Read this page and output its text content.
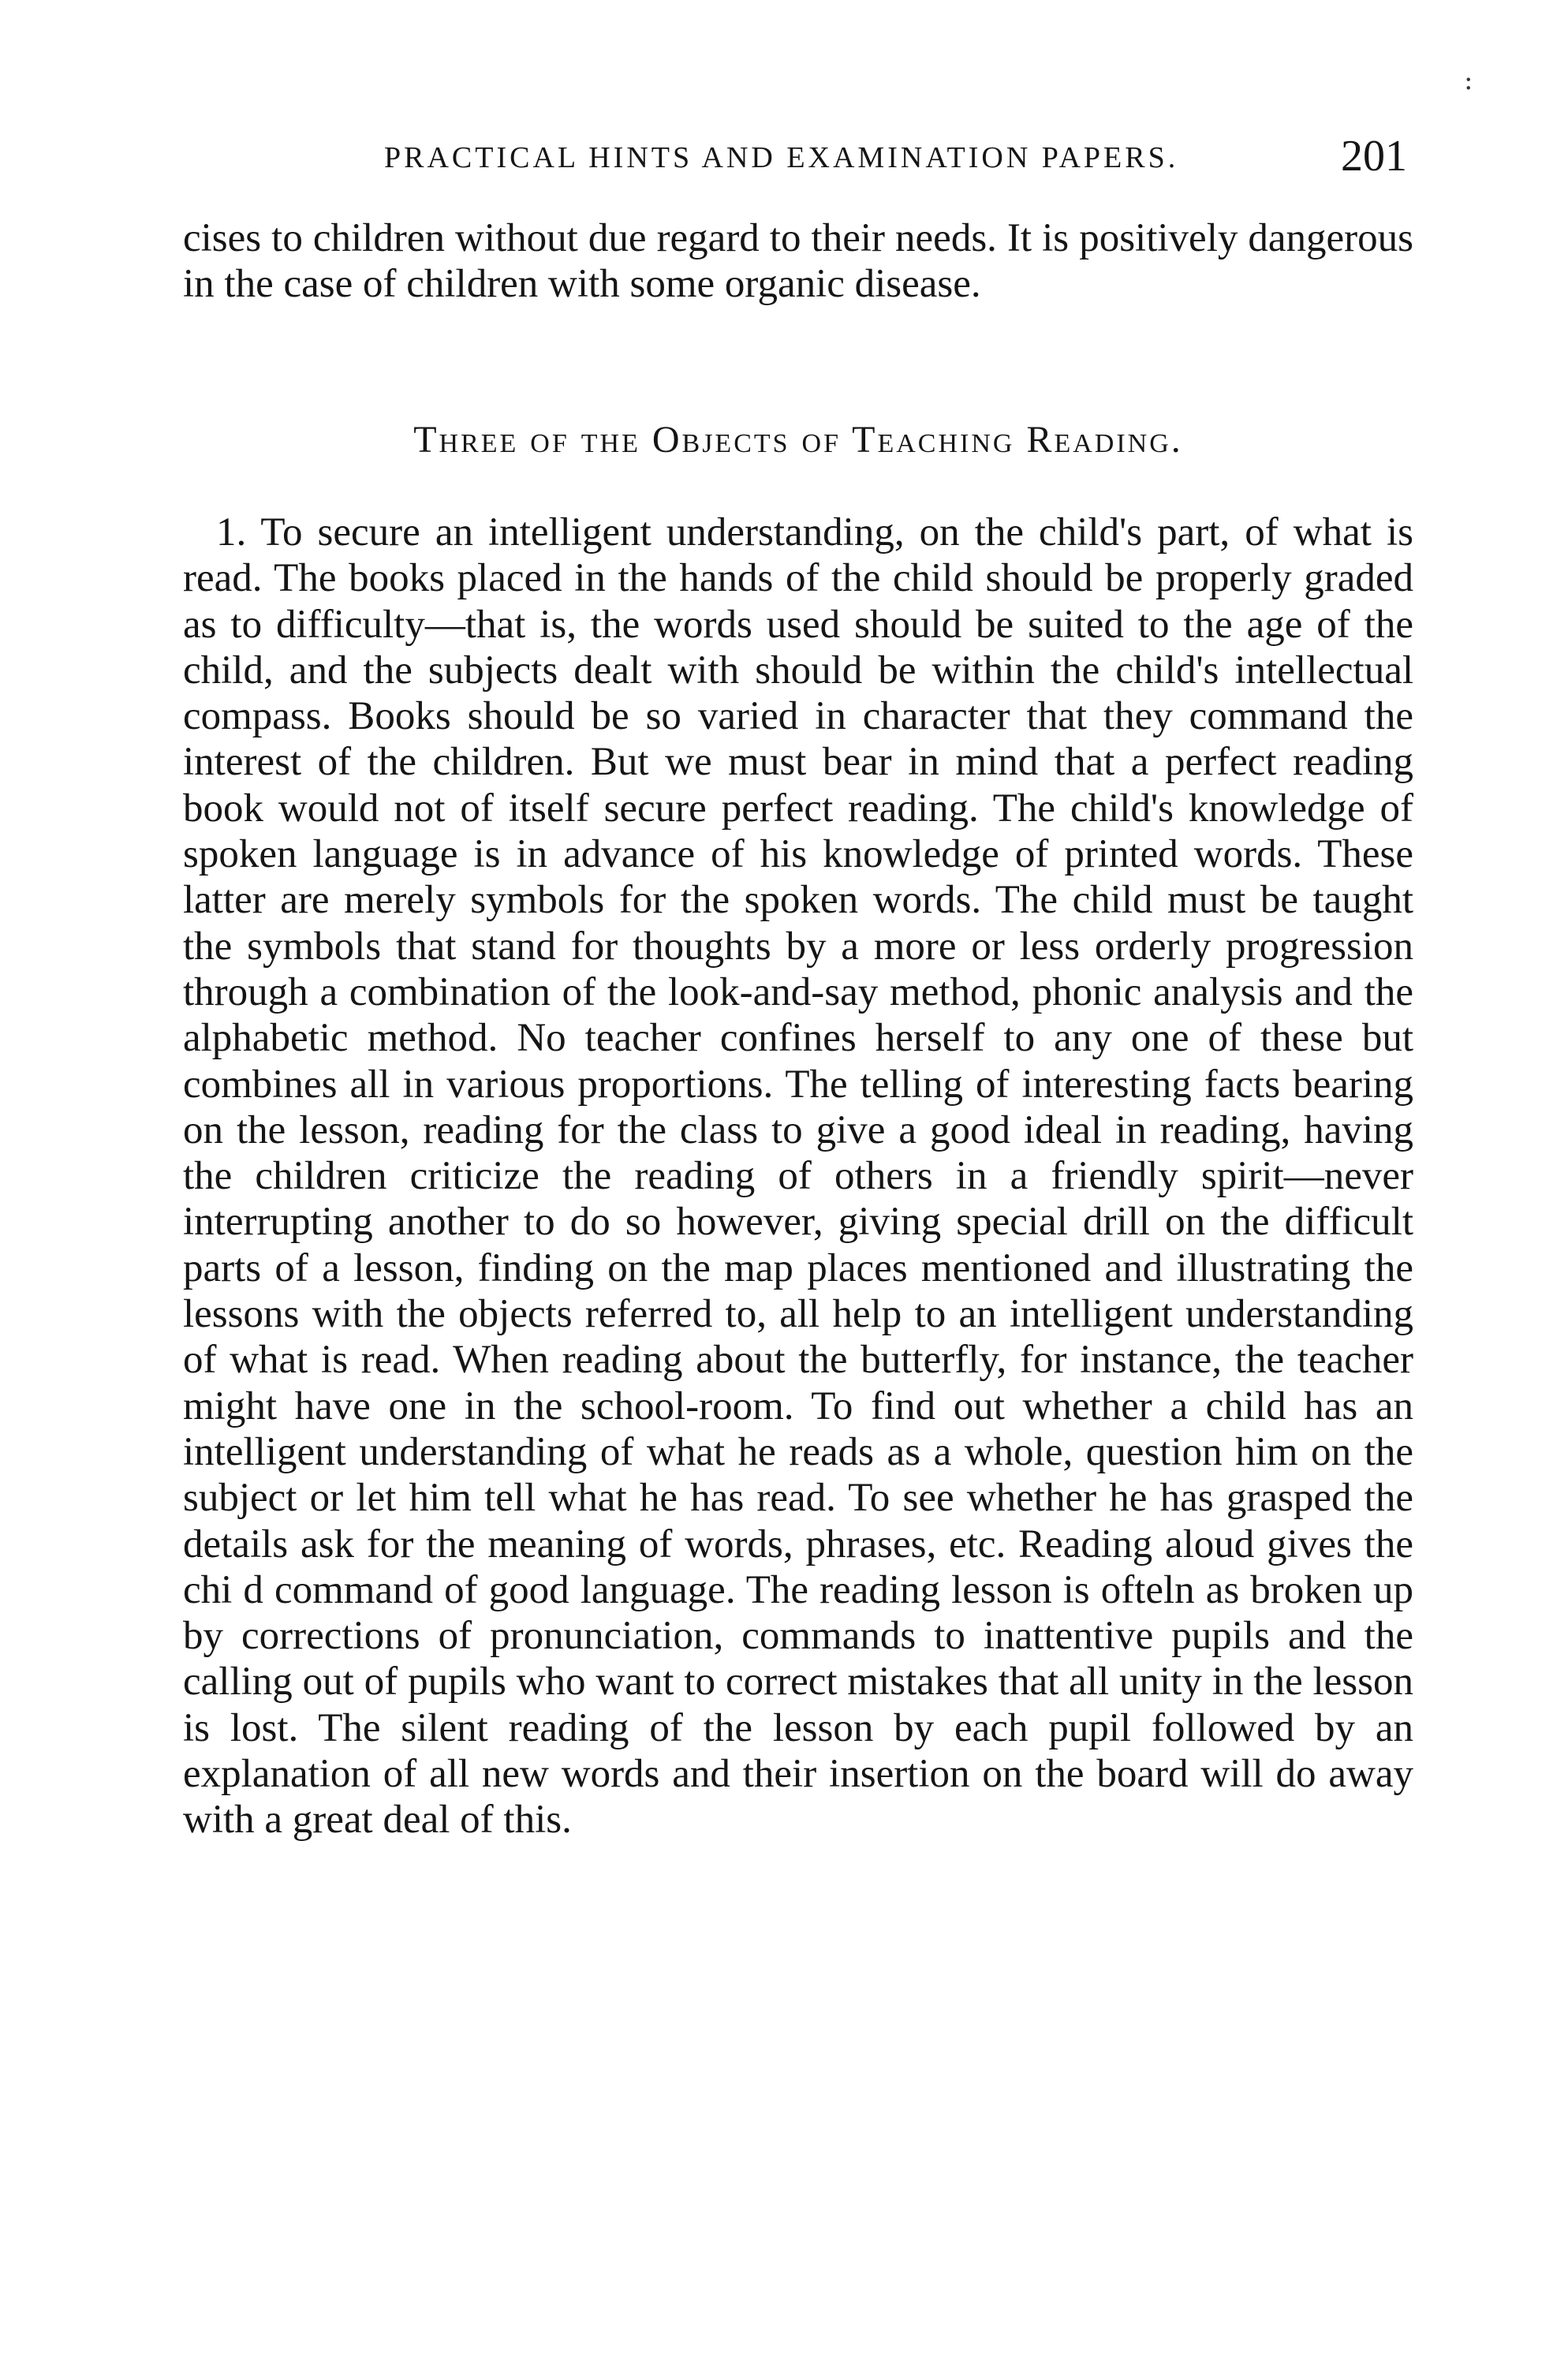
:
PRACTICAL HINTS AND EXAMINATION PAPERS.	201

cises to children without due regard to their needs. It is positively dangerous in the case of children with some organic disease.

Three of the Objects of Teaching Reading.

1. To secure an intelligent understanding, on the child's part, of what is read. The books placed in the hands of the child should be properly graded as to difficulty—that is, the words used should be suited to the age of the child, and the subjects dealt with should be within the child's intellectual compass. Books should be so varied in character that they command the interest of the children. But we must bear in mind that a perfect reading book would not of itself secure perfect reading. The child's knowledge of spoken language is in advance of his knowledge of printed words. These latter are merely symbols for the spoken words. The child must be taught the symbols that stand for thoughts by a more or less orderly progression through a combination of the look-and-say method, phonic analysis and the alphabetic method. No teacher confines herself to any one of these but combines all in various proportions. The telling of interesting facts bearing on the lesson, reading for the class to give a good ideal in reading, having the children criticize the reading of others in a friendly spirit—never interrupting another to do so however, giving special drill on the difficult parts of a lesson, finding on the map places mentioned and illustrating the lessons with the objects referred to, all help to an intelligent understanding of what is read. When reading about the butterfly, for instance, the teacher might have one in the school-room. To find out whether a child has an intelligent understanding of what he reads as a whole, question him on the subject or let him tell what he has read. To see whether he has grasped the details ask for the meaning of words, phrases, etc. Reading aloud gives the chi d command of good language. The reading lesson is ofteln as broken up by corrections of pronunciation, commands to inattentive pupils and the calling out of pupils who want to correct mistakes that all unity in the lesson is lost. The silent reading of the lesson by each pupil followed by an explanation of all new words and their insertion on the board will do away with a great deal of this.
